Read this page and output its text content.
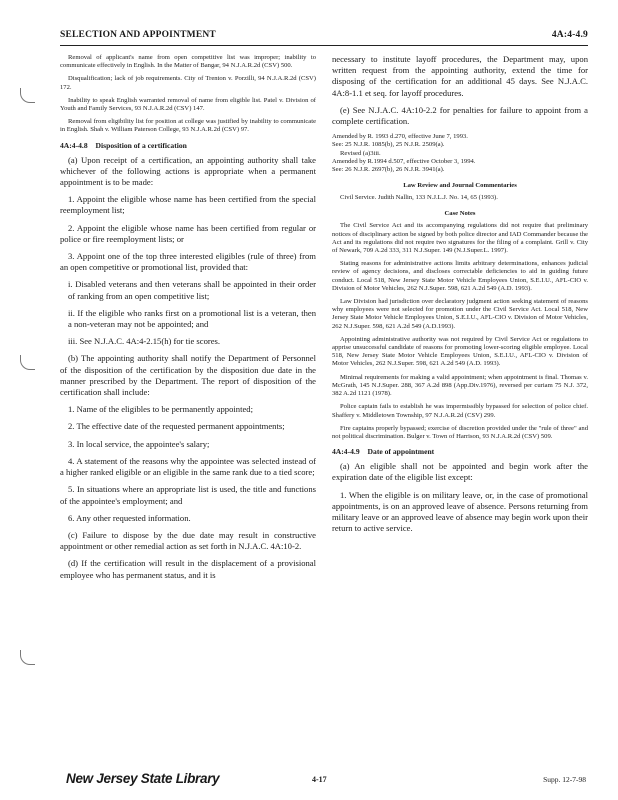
SELECTION AND APPOINTMENT	4A:4-4.9

Removal of applicant's name from open competitive list was improper; inability to communicate effectively in English. In the Matter of Bangar, 94 N.J.A.R.2d (CSV) 500.

Disqualification; lack of job requirements. City of Trenton v. Porzilli, 94 N.J.A.R.2d (CSV) 172.

Inability to speak English warranted removal of name from eligible list. Patel v. Division of Youth and Family Services, 93 N.J.A.R.2d (CSV) 147.

Removal from eligibility list for position at college was justified by inability to communicate in English. Shah v. William Paterson College, 93 N.J.A.R.2d (CSV) 97.

4A:4-4.8 Disposition of a certification

(a) Upon receipt of a certification, an appointing authority shall take whichever of the following actions is appropriate when a permanent appointment is to be made:

1. Appoint the eligible whose name has been certified from the special reemployment list;

2. Appoint the eligible whose name has been certified from regular or police or fire reemployment lists; or

3. Appoint one of the top three interested eligibles (rule of three) from an open competitive or promotional list, provided that:

i. Disabled veterans and then veterans shall be appointed in their order of ranking from an open competitive list;

ii. If the eligible who ranks first on a promotional list is a veteran, then a non-veteran may not be appointed; and

iii. See N.J.A.C. 4A:4-2.15(h) for tie scores.

(b) The appointing authority shall notify the Department of Personnel of the disposition of the certification by the disposition due date in the manner prescribed by the Department. The report of disposition of the certification shall include:

1. Name of the eligibles to be permanently appointed;

2. The effective date of the requested permanent appointments;

3. In local service, the appointee's salary;

4. A statement of the reasons why the appointee was selected instead of a higher ranked eligible or an eligible in the same rank due to a tied score;

5. In situations where an appropriate list is used, the title and functions of the appointee's employment; and

6. Any other requested information.

(c) Failure to dispose by the due date may result in constructive appointment or other remedial action as set forth in N.J.A.C. 4A:10-2.

(d) If the certification will result in the displacement of a provisional employee who has permanent status, and it is

necessary to institute layoff procedures, the Department may, upon written request from the appointing authority, extend the time for disposing of the certification for an additional 45 days. See N.J.A.C. 4A:8-1.1 et seq. for layoff procedures.

(e) See N.J.A.C. 4A:10-2.2 for penalties for failure to appoint from a complete certification.

Amended by R. 1993 d.270, effective June 7, 1993.

See: 25 N.J.R. 1085(b), 25 N.J.R. 2509(a).

Revised (a)3iii.

Amended by R.1994 d.507, effective October 3, 1994.

See: 26 N.J.R. 2697(b), 26 N.J.R. 3941(a).

Law Review and Journal Commentaries

Civil Service. Judith Nallin, 133 N.J.L.J. No. 14, 65 (1993).

Case Notes

The Civil Service Act and its accompanying regulations did not require that preliminary notices of disciplinary action be signed by both police director and IAD Commander because the Act and its regulations did not require two signatures for the filing of a complaint. Grill v. City of Newark, 709 A.2d 333, 311 N.J.Super. 149 (N.J.Super.L. 1997).

Stating reasons for administrative actions limits arbitrary determinations, enhances judicial review of agency decisions, and discloses correctable deficiencies to aid in guiding future conduct. Local 518, New Jersey State Motor Vehicle Employees Union, S.E.I.U., AFL-CIO v. Division of Motor Vehicles, 262 N.J.Super. 598, 621 A.2d 549 (A.D. 1993).

Law Division had jurisdiction over declaratory judgment action seeking statement of reasons why employees were not selected for promotion under the Civil Service Act. Local 518, New Jersey State Motor Vehicle Employees Union, S.E.I.U., AFL-CIO v. Division of Motor Vehicles, 262 N.J.Super. 598, 621 A.2d 549 (A.D.1993).

Appointing administrative authority was not required by Civil Service Act or regulations to apprise unsuccessful candidate of reasons for promoting lower-scoring eligible employee. Local 518, New Jersey State Motor Vehicle Employees Union, S.E.I.U., AFL-CIO v. Division of Motor Vehicles, 262 N.J.Super. 598, 621 A.2d 549 (A.D. 1993).

Minimal requirements for making a valid appointment; when appointment is final. Thomas v. McGrath, 145 N.J.Super. 288, 367 A.2d 898 (App.Div.1976), reversed per curiam 75 N.J. 372, 382 A.2d 1121 (1978).

Police captain fails to establish he was impermissibly bypassed for selection of police chief. Shaffery v. Middletown Township, 97 N.J.A.R.2d (CSV) 299.

Fire captains properly bypassed; exercise of discretion provided under the "rule of three" and not political discrimination. Bulger v. Town of Harrison, 93 N.J.A.R.2d (CSV) 509.

4A:4-4.9 Date of appointment

(a) An eligible shall not be appointed and begin work after the expiration date of the eligible list except:

1. When the eligible is on military leave, or, in the case of promotional appointments, is on an approved leave of absence. Persons returning from military leave or an approved leave of absence may begin work upon their return to active service.

New Jersey State Library	4-17	Supp. 12-7-98
